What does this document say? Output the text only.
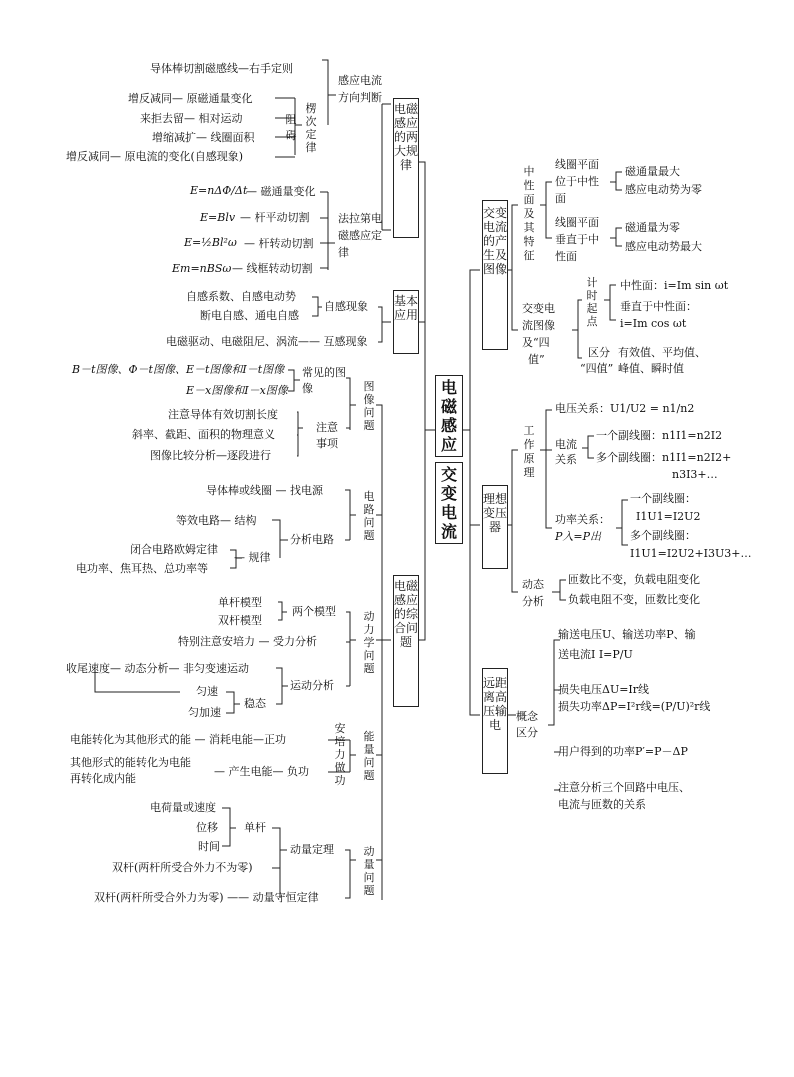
电磁感应
交变电流
电磁感应的两大规律
基本应用
电磁感应的综合问题
交变电流的产生及图像
理想变压器
远距离高压输电
感应电流方向判断
楞次定律
阻碍
导体棒切割磁感线—右手定则
增反减同— 原磁通量变化
来拒去留— 相对运动
增缩减扩— 线圈面积
增反减同— 原电流的变化(自感现象)
法拉第电磁感应定律
E=nΔΦ/Δt
— 磁通量变化
E=Blv — 杆平动切割
E=½Bl²ω — 杆转动切割
Em=nBSω — 线框转动切割
自感现象
自感系数、自感电动势
断电自感、通电自感
电磁驱动、电磁阻尼、涡流—— 互感现象
图像问题
常见的图像
B－t图像、Φ－t图像、E－t图像和I－t图像
E－x图像和I－x图像
注意事项
注意导体有效切割长度
斜率、截距、面积的物理意义
图像比较分析—逐段进行
电路问题
导体棒或线圈 — 找电源
等效电路— 结构
分析电路
闭合电路欧姆定律
电功率、焦耳热、总功率等
— 规律
动力学问题
单杆模型
双杆模型
两个模型
特别注意安培力 — 受力分析
收尾速度— 动态分析— 非匀变速运动
匀速
匀加速
稳态
运动分析
能量问题
安培力做功
电能转化为其他形式的能 — 消耗电能—正功
其他形式的能转化为电能
再转化成内能
— 产生电能— 负功
动量问题
电荷量或速度
位移
时间
单杆
动量定理
双杆(两杆所受合外力不为零)
双杆(两杆所受合外力为零) —— 动量守恒定律
中性面及其特征
线圈平面
位于中性
面
磁通量最大
感应电动势为零
线圈平面
垂直于中
性面
磁通量为零
感应电动势最大
交变电
流图像
及“四
值”
计时起点
中性面：i=Im sin ωt
垂直于中性面：
i=Im cos ωt
区分
“四值”
有效值、平均值、
峰值、瞬时值
工作原理
电压关系：U1/U2 = n1/n2
电流关系
一个副线圈：n1I1=n2I2
多个副线圈：n1I1=n2I2+
n3I3+…
功率关系：
P入=P出
一个副线圈：
I1U1=I2U2
多个副线圈：
I1U1=I2U2+I3U3+…
动态分析
匝数比不变，负载电阻变化
负载电阻不变，匝数比变化
概念区分
输送电压U、输送功率P、输
送电流I I=P/U
损失电压ΔU=Ir线
损失功率ΔP=I²r线=(P/U)²r线
用户得到的功率P′=P－ΔP
注意分析三个回路中电压、
电流与匝数的关系
